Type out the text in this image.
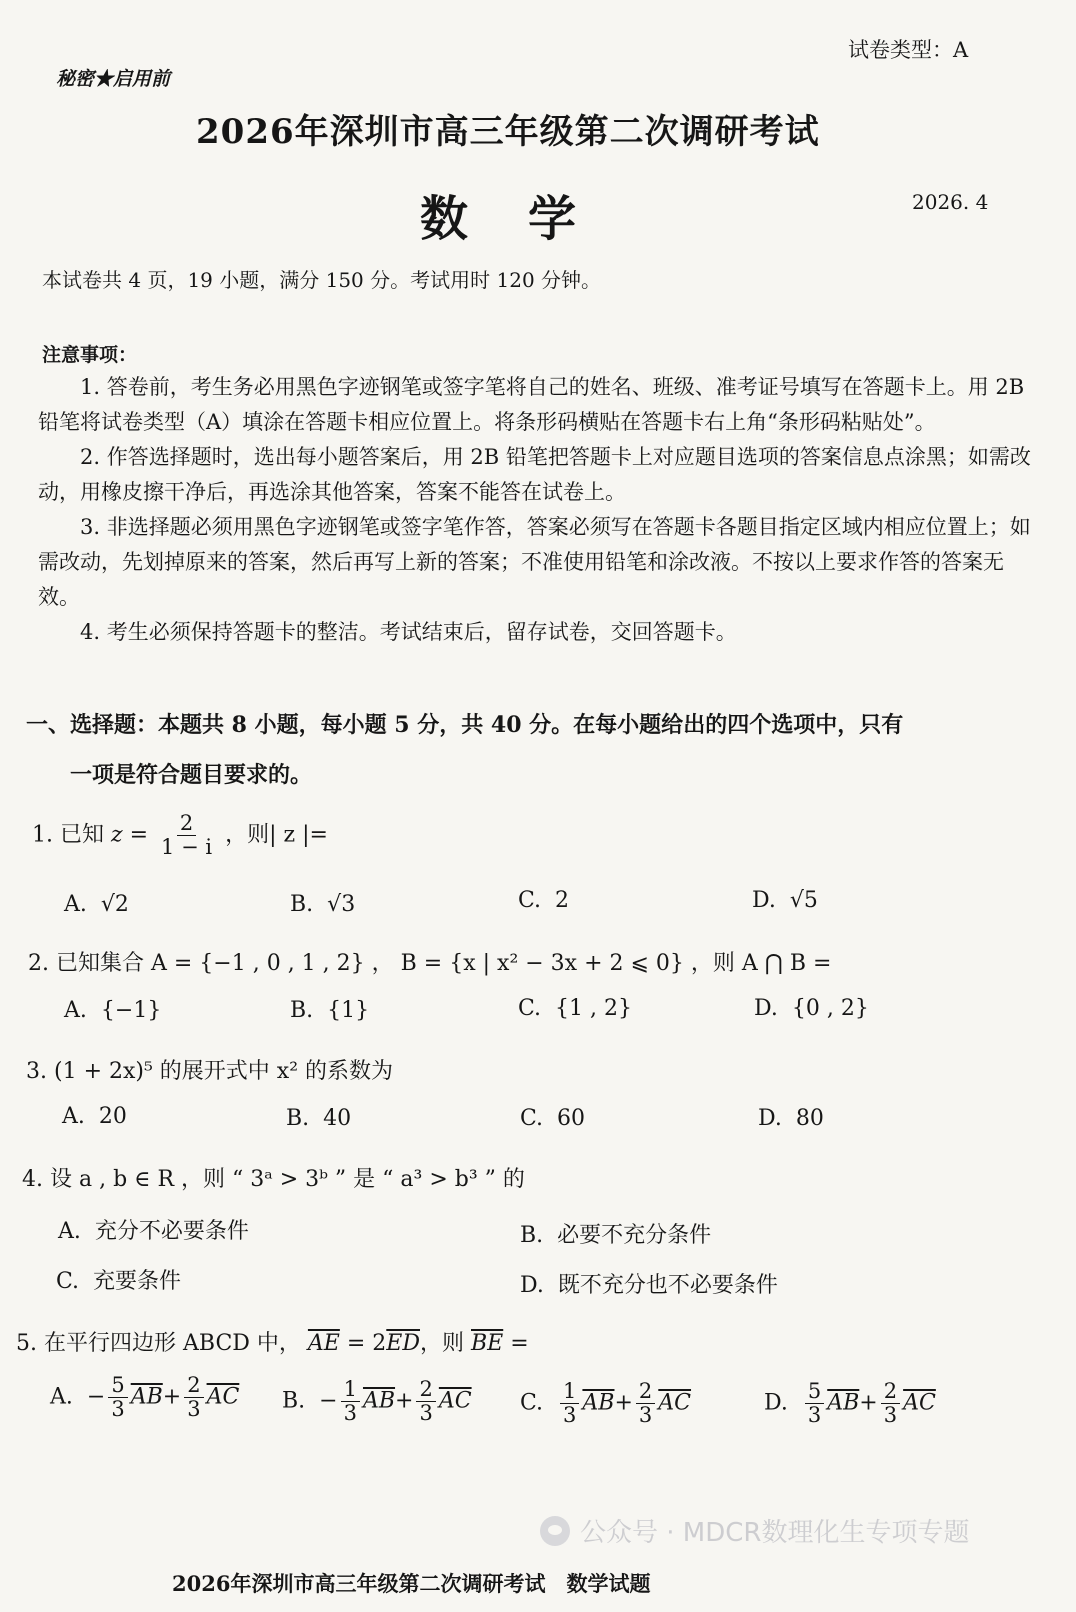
试卷类型：A
秘密★启用前
2026年深圳市高三年级第二次调研考试
数学	2026. 4
本试卷共 4 页，19 小题，满分 150 分。考试用时 120 分钟。
注意事项：

1. 答卷前，考生务必用黑色字迹钢笔或签字笔将自己的姓名、班级、准考证号填写在答题卡上。用 2B 铅笔将试卷类型（A）填涂在答题卡相应位置上。将条形码横贴在答题卡右上角“条形码粘贴处”。

2. 作答选择题时，选出每小题答案后，用 2B 铅笔把答题卡上对应题目选项的答案信息点涂黑；如需改动，用橡皮擦干净后，再选涂其他答案，答案不能答在试卷上。

3. 非选择题必须用黑色字迹钢笔或签字笔作答，答案必须写在答题卡各题目指定区域内相应位置上；如需改动，先划掉原来的答案，然后再写上新的答案；不准使用铅笔和涂改液。不按以上要求作答的答案无效。

4. 考生必须保持答题卡的整洁。考试结束后，留存试卷，交回答题卡。

一、选择题：本题共 8 小题，每小题 5 分，共 40 分。在每小题给出的四个选项中，只有
一项是符合题目要求的。
1. 已知 $z = \frac{2}{1 - i}$ ，则| z |=
A. √2	B. √3	C. 2	D. √5
2. 已知集合 A = {−1 , 0 , 1 , 2} ， B = {x | x² − 3x + 2 ⩽ 0} ，则 A ⋂ B =
A. {−1}	B. {1}	C. {1 , 2}	D. {0 , 2}
3. (1 + 2x)⁵ 的展开式中 x² 的系数为
A. 20	B. 40	C. 60	D. 80
4. 设 a , b ∈ R ，则 “ 3ᵃ > 3ᵇ ” 是 “ a³ > b³ ” 的
A. 充分不必要条件	B. 必要不充分条件
C. 充要条件	D. 既不充分也不必要条件
5. 在平行四边形 ABCD 中， $\overline{AE} = 2\overline{ED}$，则 $\overline{BE}$ =
A. − $\frac{5}{3} \overline{AB}+ \frac{2}{3} \overline{AC}$ B. − $\frac{1}{3} \overline{AB}+ \frac{2}{3} \overline{AC}$ C. $\frac{1}{3} \overline{AB}+ \frac{2}{3} \overline{AC}$	D. $\frac{5}{3} \overline{AB}+ \frac{2}{3} \overline{AC}$
公众号 · MDCR数理化生专项专题
2026年深圳市高三年级第二次调研考试　数学试题
